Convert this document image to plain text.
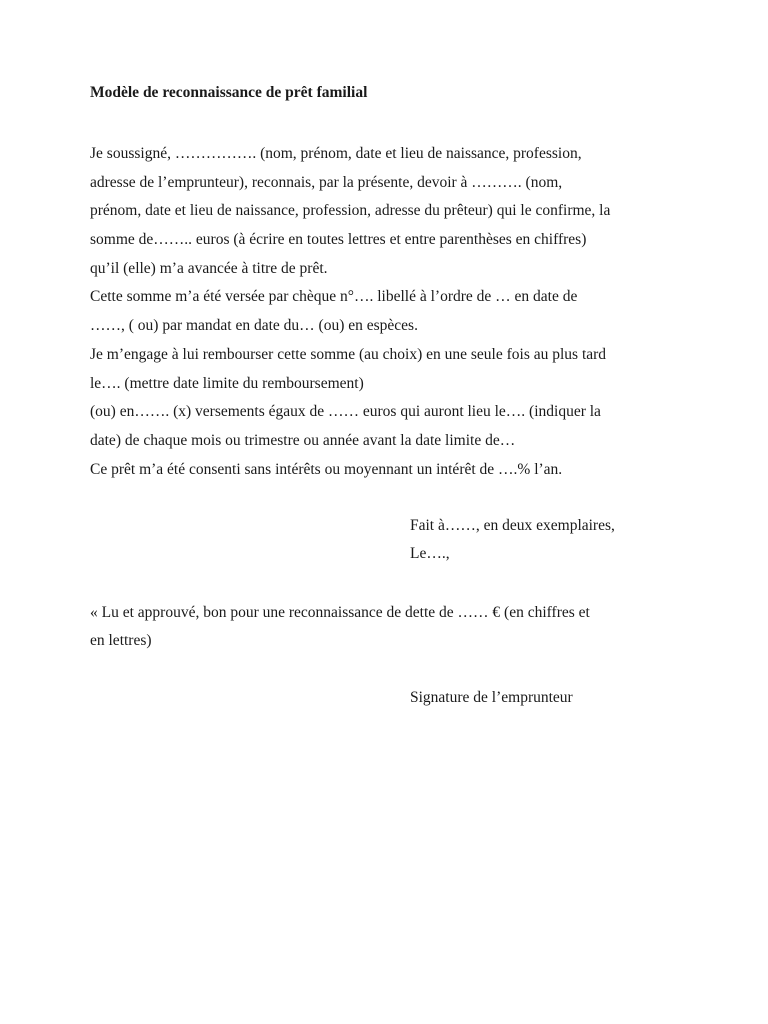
Modèle de reconnaissance de prêt familial
Je soussigné, ……………. (nom, prénom, date et lieu de naissance, profession,
adresse de l’emprunteur), reconnais, par la présente, devoir à ………. (nom,
prénom, date et lieu de naissance, profession, adresse du prêteur) qui le confirme, la
somme de…….. euros (à écrire en toutes lettres et entre parenthèses en chiffres)
qu’il (elle) m’a avancée à titre de prêt.
Cette somme m’a été versée par chèque n°…. libellé à l’ordre de … en date de
……, ( ou) par mandat en date du… (ou) en espèces.
Je m’engage à lui rembourser cette somme (au choix) en une seule fois au plus tard
le…. (mettre date limite du remboursement)
(ou) en……. (x) versements égaux de …… euros qui auront lieu le…. (indiquer la
date) de chaque mois ou trimestre ou année avant la date limite de…
Ce prêt m’a été consenti sans intérêts ou moyennant un intérêt de ….% l’an.
Fait à……, en deux exemplaires,
Le….,
« Lu et approuvé, bon pour une reconnaissance de dette de …… € (en chiffres et
en lettres)
Signature de l’emprunteur
